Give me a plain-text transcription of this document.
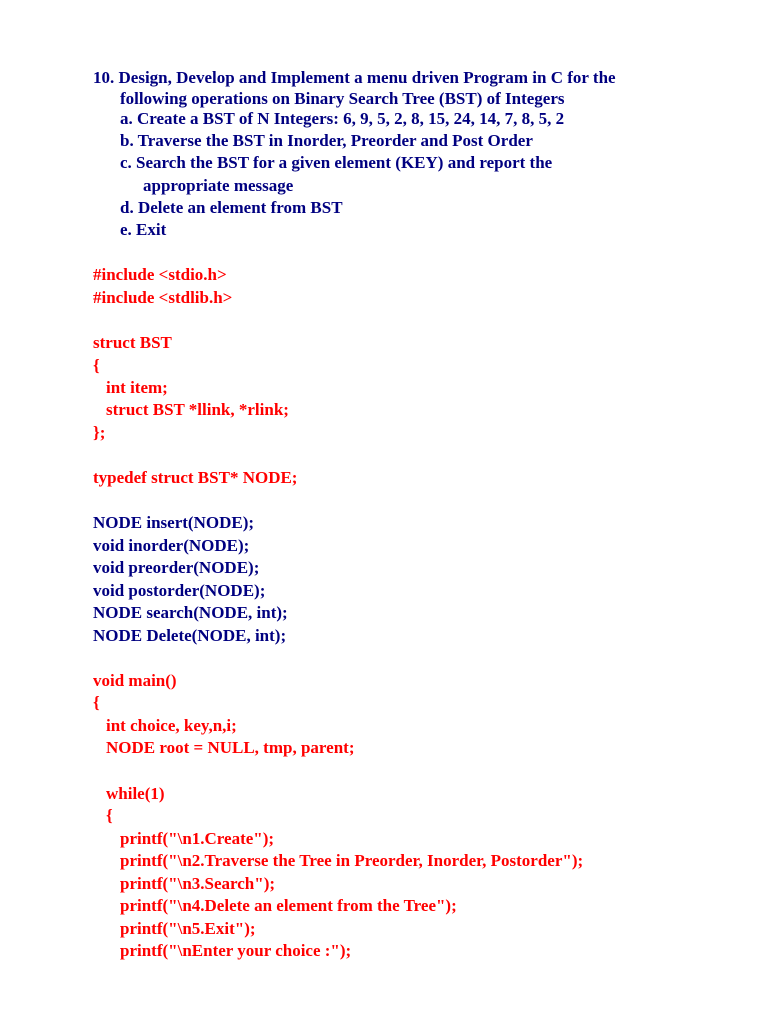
10. Design, Develop and Implement a menu driven Program in C for the
following operations on Binary Search Tree (BST) of Integers
a. Create a BST of N Integers: 6, 9, 5, 2, 8, 15, 24, 14, 7, 8, 5, 2
b. Traverse the BST in Inorder, Preorder and Post Order
c. Search the BST for a given element (KEY) and report the
appropriate message
d. Delete an element from BST
e. Exit
#include <stdio.h>
#include <stdlib.h>
struct BST
{
int item;
struct BST *llink, *rlink;
};
typedef struct BST* NODE;
NODE insert(NODE);
void inorder(NODE);
void preorder(NODE);
void postorder(NODE);
NODE search(NODE, int);
NODE Delete(NODE, int);
void main()
{
int choice, key,n,i;
NODE root = NULL, tmp, parent;
while(1)
{
printf("\n1.Create");
printf("\n2.Traverse the Tree in Preorder, Inorder, Postorder");
printf("\n3.Search");
printf("\n4.Delete an element from the Tree");
printf("\n5.Exit");
printf("\nEnter your choice :");
